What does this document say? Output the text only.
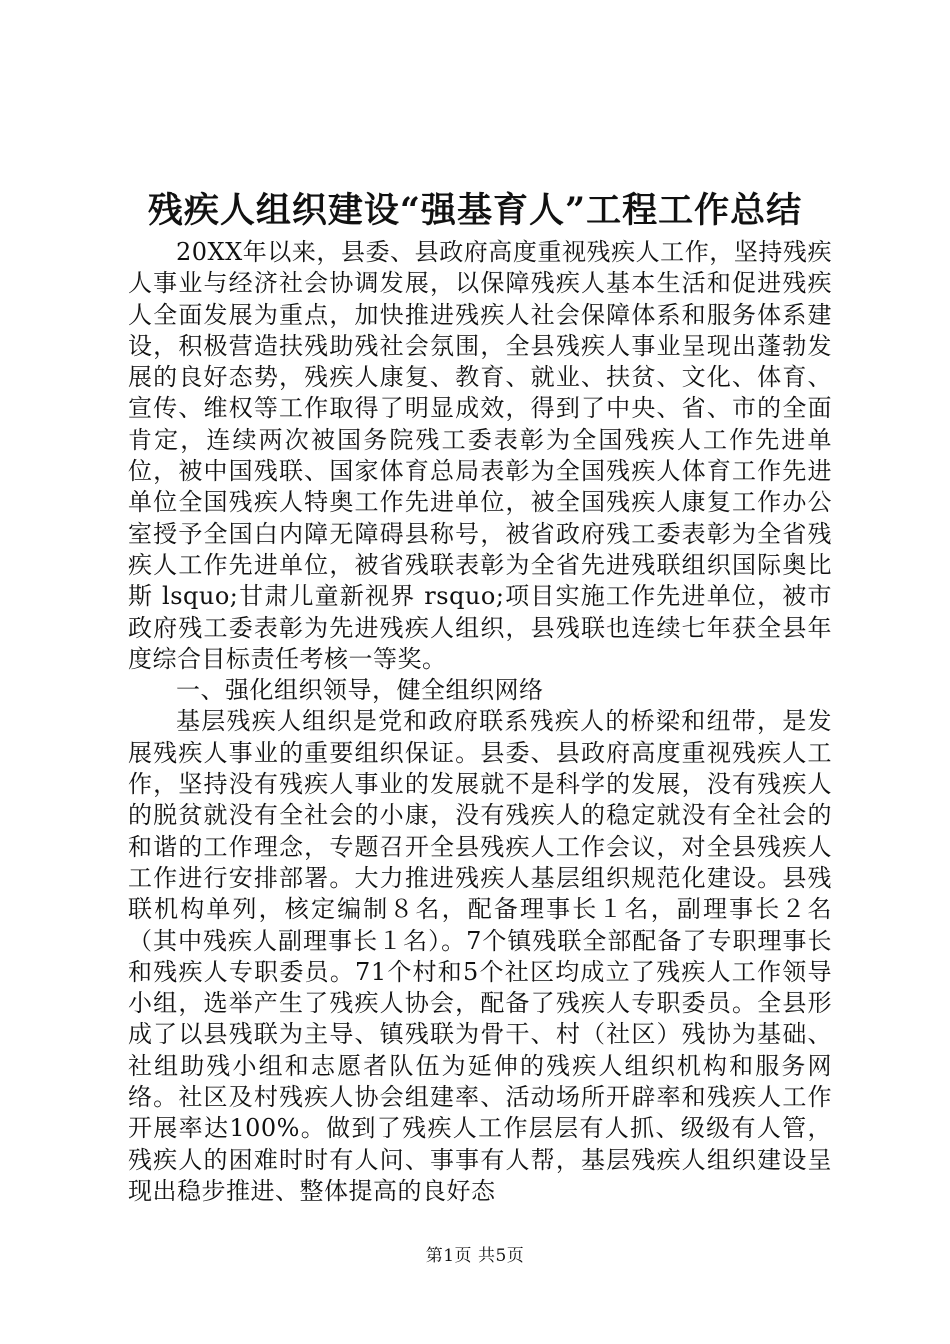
残疾人组织建设“强基育人”工程工作总结

20XX年以来，县委、县政府高度重视残疾人工作，坚持残疾人事业与经济社会协调发展，以保障残疾人基本生活和促进残疾人全面发展为重点，加快推进残疾人社会保障体系和服务体系建设，积极营造扶残助残社会氛围，全县残疾人事业呈现出蓬勃发展的良好态势，残疾人康复、教育、就业、扶贫、文化、体育、宣传、维权等工作取得了明显成效，得到了中央、省、市的全面肯定，连续两次被国务院残工委表彰为全国残疾人工作先进单位，被中国残联、国家体育总局表彰为全国残疾人体育工作先进单位全国残疾人特奥工作先进单位，被全国残疾人康复工作办公室授予全国白内障无障碍县称号，被省政府残工委表彰为全省残疾人工作先进单位，被省残联表彰为全省先进残联组织国际奥比斯 lsquo;甘肃儿童新视界 rsquo;项目实施工作先进单位，被市政府残工委表彰为先进残疾人组织，县残联也连续七年获全县年度综合目标责任考核一等奖。

一、强化组织领导，健全组织网络

基层残疾人组织是党和政府联系残疾人的桥梁和纽带，是发展残疾人事业的重要组织保证。县委、县政府高度重视残疾人工作，坚持没有残疾人事业的发展就不是科学的发展，没有残疾人的脱贫就没有全社会的小康，没有残疾人的稳定就没有全社会的和谐的工作理念，专题召开全县残疾人工作会议，对全县残疾人工作进行安排部署。大力推进残疾人基层组织规范化建设。县残联机构单列，核定编制８名，配备理事长１名，副理事长２名（其中残疾人副理事长１名）。7个镇残联全部配备了专职理事长和残疾人专职委员。71个村和5个社区均成立了残疾人工作领导小组，选举产生了残疾人协会，配备了残疾人专职委员。全县形成了以县残联为主导、镇残联为骨干、村（社区）残协为基础、社组助残小组和志愿者队伍为延伸的残疾人组织机构和服务网络。社区及村残疾人协会组建率、活动场所开辟率和残疾人工作开展率达100%。做到了残疾人工作层层有人抓、级级有人管，残疾人的困难时时有人问、事事有人帮，基层残疾人组织建设呈现出稳步推进、整体提高的良好态

第1页 共5页
